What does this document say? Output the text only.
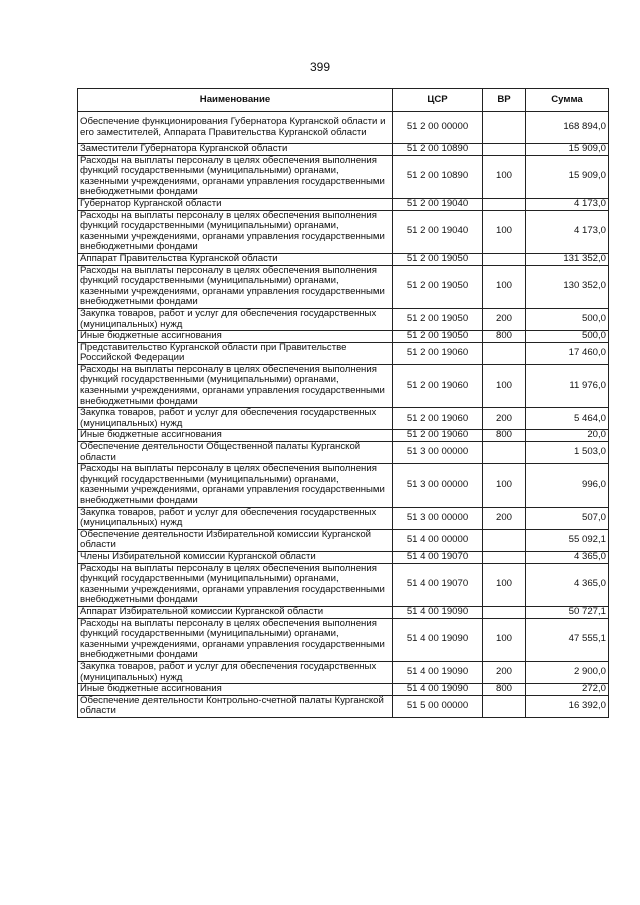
399
Наименование	ЦСР	ВР	Сумма
Обеспечение функционирования Губернатора Курганской области и его заместителей, Аппарата Правительства Курганской области	51 2 00 00000		168 894,0
Заместители Губернатора Курганской области	51 2 00 10890		15 909,0
Расходы на выплаты персоналу в целях обеспечения выполнения функций государственными (муниципальными) органами, казенными учреждениями, органами управления государственными внебюджетными фондами	51 2 00 10890	100	15 909,0
Губернатор Курганской области	51 2 00 19040		4 173,0
Расходы на выплаты персоналу в целях обеспечения выполнения функций государственными (муниципальными) органами, казенными учреждениями, органами управления государственными внебюджетными фондами	51 2 00 19040	100	4 173,0
Аппарат Правительства Курганской области	51 2 00 19050		131 352,0
Расходы на выплаты персоналу в целях обеспечения выполнения функций государственными (муниципальными) органами, казенными учреждениями, органами управления государственными внебюджетными фондами	51 2 00 19050	100	130 352,0
Закупка товаров, работ и услуг для обеспечения государственных (муниципальных) нужд	51 2 00 19050	200	500,0
Иные бюджетные ассигнования	51 2 00 19050	800	500,0
Представительство Курганской области при Правительстве Российской Федерации	51 2 00 19060		17 460,0
Расходы на выплаты персоналу в целях обеспечения выполнения функций государственными (муниципальными) органами, казенными учреждениями, органами управления государственными внебюджетными фондами	51 2 00 19060	100	11 976,0
Закупка товаров, работ и услуг для обеспечения государственных (муниципальных) нужд	51 2 00 19060	200	5 464,0
Иные бюджетные ассигнования	51 2 00 19060	800	20,0
Обеспечение деятельности Общественной палаты Курганской области	51 3 00 00000		1 503,0
Расходы на выплаты персоналу в целях обеспечения выполнения функций государственными (муниципальными) органами, казенными учреждениями, органами управления государственными внебюджетными фондами	51 3 00 00000	100	996,0
Закупка товаров, работ и услуг для обеспечения государственных (муниципальных) нужд	51 3 00 00000	200	507,0
Обеспечение деятельности Избирательной комиссии Курганской области	51 4 00 00000		55 092,1
Члены Избирательной комиссии Курганской области	51 4 00 19070		4 365,0
Расходы на выплаты персоналу в целях обеспечения выполнения функций государственными (муниципальными) органами, казенными учреждениями, органами управления государственными внебюджетными фондами	51 4 00 19070	100	4 365,0
Аппарат Избирательной комиссии Курганской области	51 4 00 19090		50 727,1
Расходы на выплаты персоналу в целях обеспечения выполнения функций государственными (муниципальными) органами, казенными учреждениями, органами управления государственными внебюджетными фондами	51 4 00 19090	100	47 555,1
Закупка товаров, работ и услуг для обеспечения государственных (муниципальных) нужд	51 4 00 19090	200	2 900,0
Иные бюджетные ассигнования	51 4 00 19090	800	272,0
Обеспечение деятельности Контрольно-счетной палаты Курганской области	51 5 00 00000		16 392,0
